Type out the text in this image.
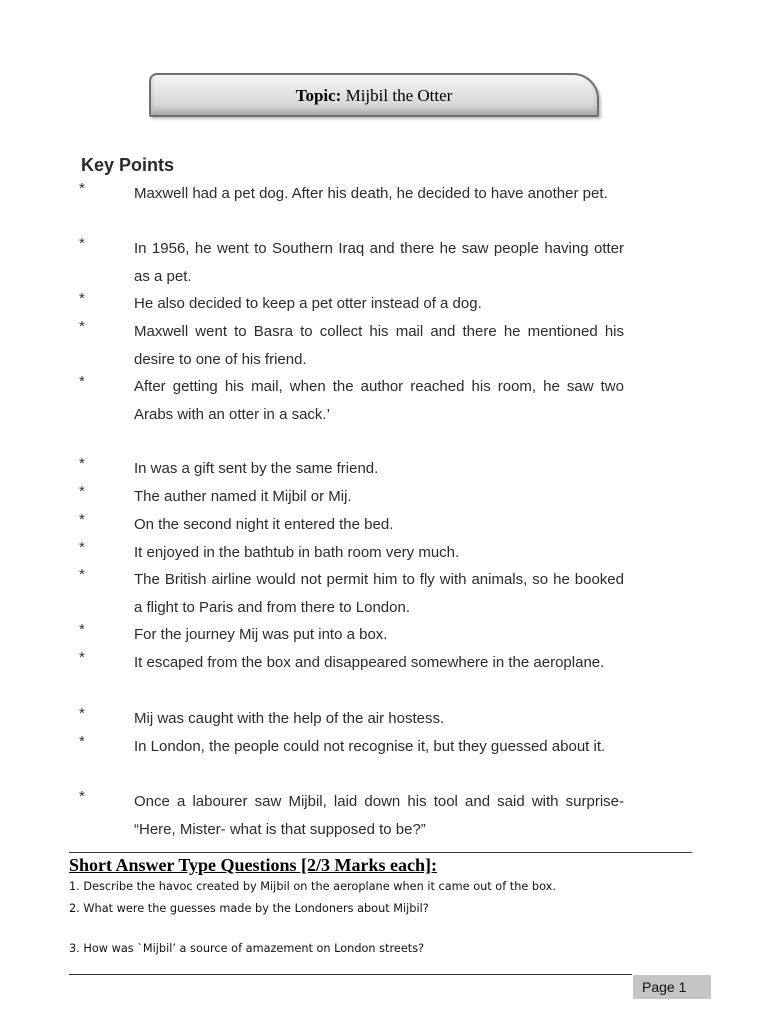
Topic: Mijbil the Otter
Key Points
*	Maxwell had a pet dog. After his death, he decided to have another pet.
*	In 1956, he went to Southern Iraq and there he saw people having otter as a pet.
*	He also decided to keep a pet otter instead of a dog.
*	Maxwell went to Basra to collect his mail and there he mentioned his desire to one of his friend.
*	After getting his mail, when the author reached his room, he saw two Arabs with an otter in a sack.’
*	In was a gift sent by the same friend.
*	The auther named it Mijbil or Mij.
*	On the second night it entered the bed.
*	It enjoyed in the bathtub in bath room very much.
*	The British airline would not permit him to fly with animals, so he booked a flight to Paris and from there to London.
*	For the journey Mij was put into a box.
*	It escaped from the box and disappeared somewhere in the aeroplane.
*	Mij was caught with the help of the air hostess.
*	In London, the people could not recognise it, but they guessed about it.
*	Once a labourer saw Mijbil, laid down his tool and said with surprise- “Here, Mister- what is that supposed to be?”
Short Answer Type Questions [2/3 Marks each]:
1. Describe the havoc created by Mijbil on the aeroplane when it came out of the box.
2. What were the guesses made by the Londoners about Mijbil?
3. How was `Mijbil’ a source of amazement on London streets?
Page 1
